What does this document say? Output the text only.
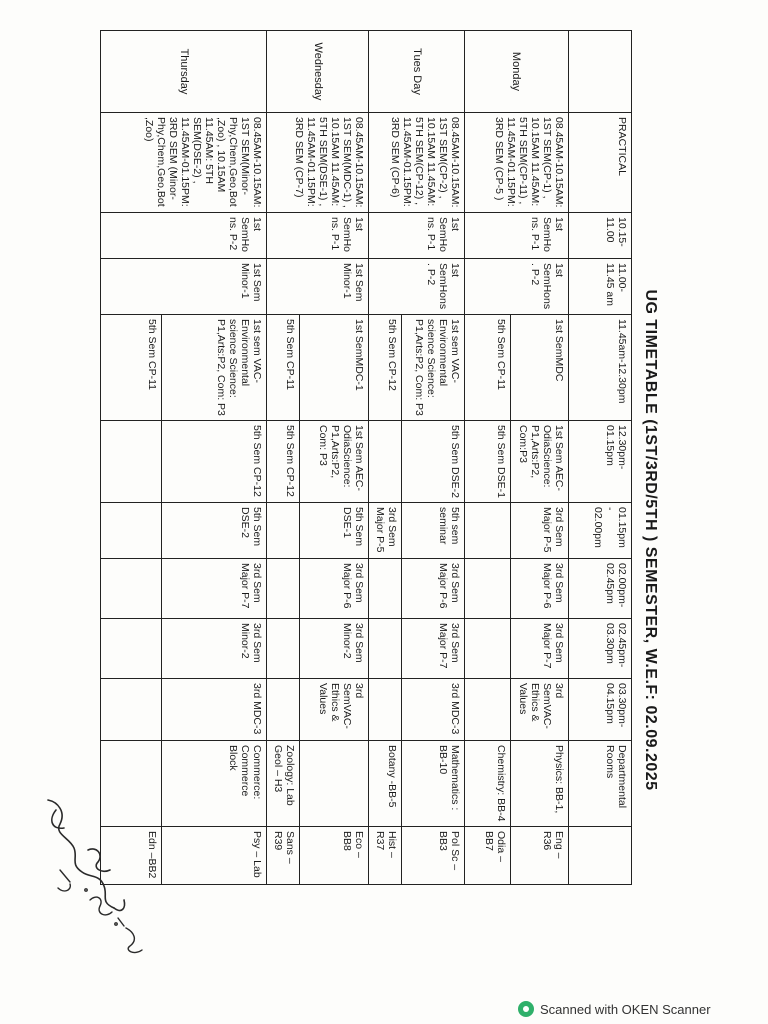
UG TIMETABLE (1ST/3RD/5TH ) SEMESTER, W.E.F: 02.09.2025
	PRACTICAL	10.15-11.00	11.00-11.45 am	11.45am-12.30pm	12.30pm-01.15pm	01.15pm - 02.00pm	02.00pm-02.45pm	02.45pm-03.30pm	03.30pm-04.15pm	Departmental Rooms	
Monday	08.45AM-10.15AM: 1ST SEM(CP-1) , 10.15AM 11.45AM: 5TH SEM(CP-11) , 11.45AM-01.15PM: 3RD SEM (CP-5 )	1st SemHons. P-1	1st SemHons. P-2	1st SemMDC	1st Sem AEC-OdiaScience: P1,Arts:P2, Com:P3	3rd Sem Major P-5	3rd Sem Major P-6	3rd Sem Major P-7	3rd SemVAC-Ethics & Values	Physics: BB-1,	Eng – R36
				5th Sem CP-11	5th Sem DSE-1					Chemistry: BB-4	Odia – BB7
Tues Day	08.45AM-10.15AM: 1ST SEM(CP-2) , 10.15AM 11.45AM: 5TH SEM(CP-12) , 11.45AM-01.15PM: 3RD SEM (CP-6)	1st SemHons. P-1	1st SemHons. P-2	1st sem VAC-Environmental science Science: P1,Arts:P2, Com: P3	5th Sem DSE-2	5th sem seminar	3rd Sem Major P-6	3rd Sem Major P-7	3rd MDC-3	Mathematics : BB-10	Pol Sc – BB3
				5th Sem CP-12		3rd Sem Major P-5				Botany -BB-5	Hist – R37
Wednesday	08.45AM-10.15AM: 1ST SEM(MDC-1) , 10.15AM 11.45AM: 5TH SEM(DSE-1) , 11.45AM-01.15PM: 3RD SEM (CP-7)	1st SemHons. P-1	1st Sem Minor-1	1st SemMDC-1	1st Sem AEC-OdiaScience: P1,Arts:P2, Com: P3	5th Sem DSE-1	3rd Sem Major P-6	3rd Sem Minor-2	3rd SemVAC-Ethics & Values		Eco – BB8
				5th Sem CP-11	5th Sem CP-12					Zoology: Lab Geol – H3	Sans – R39
Thursday	08.45AM-10.15AM: 1ST SEM(Minor-Phy,Chem,Geo,Bot,Zoo) , 10.15AM 11.45AM: 5TH SEM(DSE-2) , 11.45AM-01.15PM: 3RD SEM (Minor-Phy,Chem,Geo,Bot,Zoo)	1st SemHons. P-2	1st Sem Minor-1	1st sem VAC-Environmental science Science: P1,Arts:P2, Com: P3	5th Sem CP-12	5th Sem DSE-2	3rd Sem Major P-7	3rd Sem Minor-2	3rd MDC-3	Commerce: Commerce Block	Psy – Lab
				5th Sem CP-11							Edn –BB2
Scanned with OKEN Scanner
